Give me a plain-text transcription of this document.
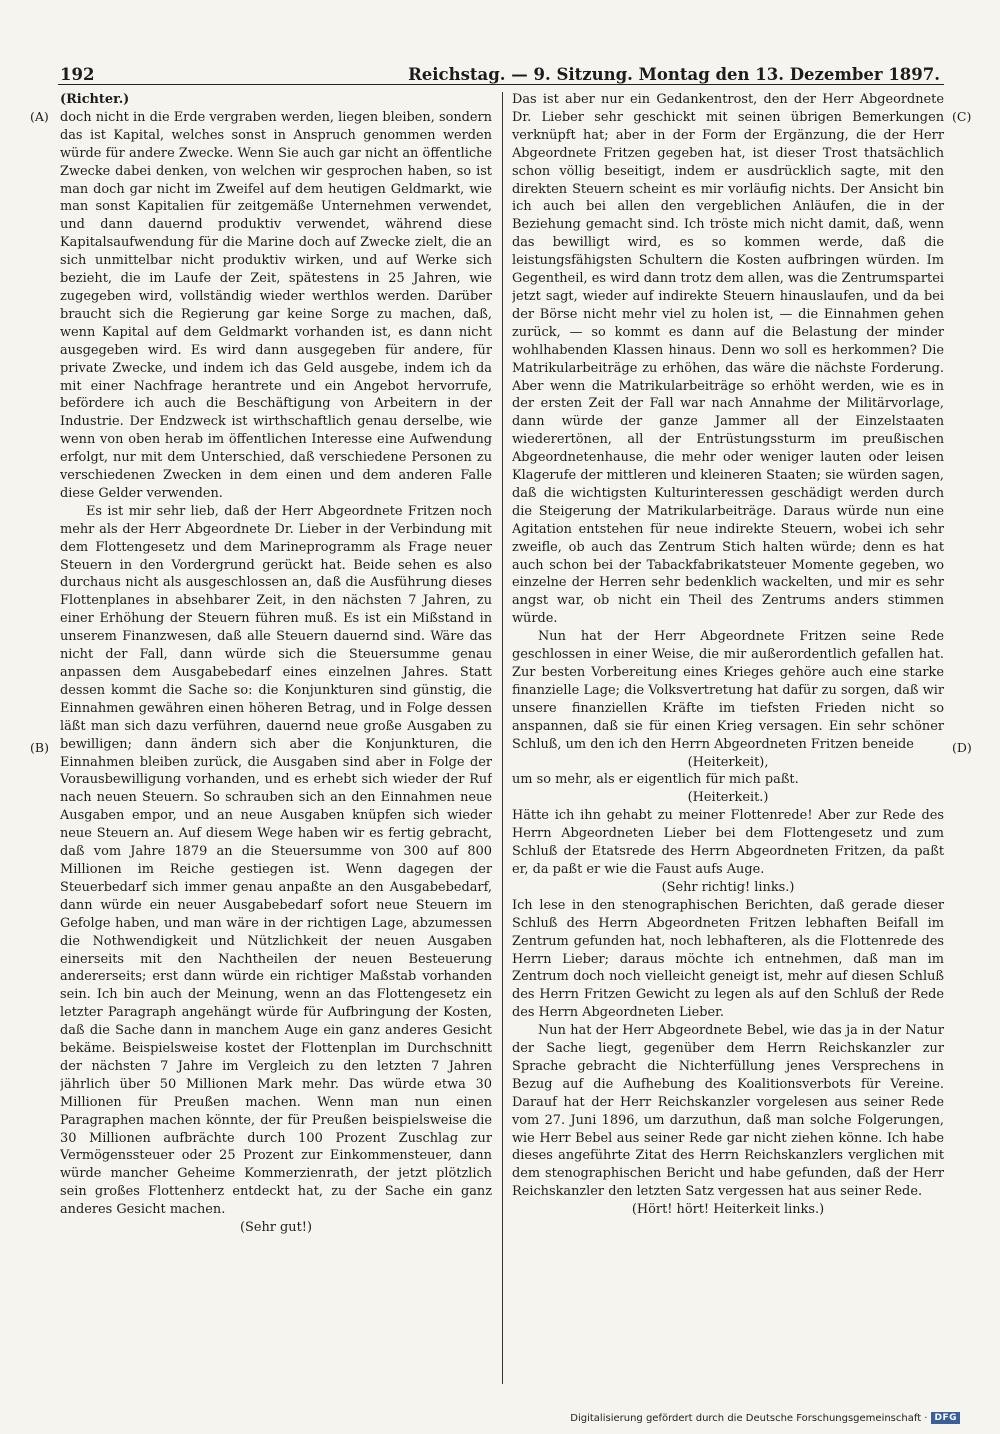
192	Reichstag. — 9. Sitzung. Montag den 13. Dezember 1897.
(A)
(B)
(C)
(D)

(Richter.)

doch nicht in die Erde vergraben werden, liegen bleiben, sondern das ist Kapital, welches sonst in Anspruch genommen werden würde für andere Zwecke. Wenn Sie auch gar nicht an öffentliche Zwecke dabei denken, von welchen wir gesprochen haben, so ist man doch gar nicht im Zweifel auf dem heutigen Geldmarkt, wie man sonst Kapitalien für zeitgemäße Unternehmen verwendet, und dann dauernd produktiv verwendet, während diese Kapitalsaufwendung für die Marine doch auf Zwecke zielt, die an sich unmittelbar nicht produktiv wirken, und auf Werke sich bezieht, die im Laufe der Zeit, spätestens in 25 Jahren, wie zugegeben wird, vollständig wieder werthlos werden. Darüber braucht sich die Regierung gar keine Sorge zu machen, daß, wenn Kapital auf dem Geldmarkt vorhanden ist, es dann nicht ausgegeben wird. Es wird dann ausgegeben für andere, für private Zwecke, und indem ich das Geld ausgebe, indem ich da mit einer Nachfrage herantrete und ein Angebot hervorrufe, befördere ich auch die Beschäftigung von Arbeitern in der Industrie. Der Endzweck ist wirthschaftlich genau derselbe, wie wenn von oben herab im öffentlichen Interesse eine Aufwendung erfolgt, nur mit dem Unterschied, daß verschiedene Personen zu verschiedenen Zwecken in dem einen und dem anderen Falle diese Gelder verwenden.

Es ist mir sehr lieb, daß der Herr Abgeordnete Fritzen noch mehr als der Herr Abgeordnete Dr. Lieber in der Verbindung mit dem Flottengesetz und dem Marineprogramm als Frage neuer Steuern in den Vordergrund gerückt hat. Beide sehen es also durchaus nicht als ausgeschlossen an, daß die Ausführung dieses Flottenplanes in absehbarer Zeit, in den nächsten 7 Jahren, zu einer Erhöhung der Steuern führen muß. Es ist ein Mißstand in unserem Finanzwesen, daß alle Steuern dauernd sind. Wäre das nicht der Fall, dann würde sich die Steuersumme genau anpassen dem Ausgabebedarf eines einzelnen Jahres. Statt dessen kommt die Sache so: die Konjunkturen sind günstig, die Einnahmen gewähren einen höheren Betrag, und in Folge dessen läßt man sich dazu verführen, dauernd neue große Ausgaben zu bewilligen; dann ändern sich aber die Konjunkturen, die Einnahmen bleiben zurück, die Ausgaben sind aber in Folge der Vorausbewilligung vorhanden, und es erhebt sich wieder der Ruf nach neuen Steuern. So schrauben sich an den Einnahmen neue Ausgaben empor, und an neue Ausgaben knüpfen sich wieder neue Steuern an. Auf diesem Wege haben wir es fertig gebracht, daß vom Jahre 1879 an die Steuersumme von 300 auf 800 Millionen im Reiche gestiegen ist. Wenn dagegen der Steuerbedarf sich immer genau anpaßte an den Ausgabebedarf, dann würde ein neuer Ausgabebedarf sofort neue Steuern im Gefolge haben, und man wäre in der richtigen Lage, abzumessen die Nothwendigkeit und Nützlichkeit der neuen Ausgaben einerseits mit den Nachtheilen der neuen Besteuerung andererseits; erst dann würde ein richtiger Maßstab vorhanden sein. Ich bin auch der Meinung, wenn an das Flottengesetz ein letzter Paragraph angehängt würde für Aufbringung der Kosten, daß die Sache dann in manchem Auge ein ganz anderes Gesicht bekäme. Beispielsweise kostet der Flottenplan im Durchschnitt der nächsten 7 Jahre im Vergleich zu den letzten 7 Jahren jährlich über 50 Millionen Mark mehr. Das würde etwa 30 Millionen für Preußen machen. Wenn man nun einen Paragraphen machen könnte, der für Preußen beispielsweise die 30 Millionen aufbrächte durch 100 Prozent Zuschlag zur Vermögenssteuer oder 25 Prozent zur Einkommensteuer, dann würde mancher Geheime Kommerzienrath, der jetzt plötzlich sein großes Flottenherz entdeckt hat, zu der Sache ein ganz anderes Gesicht machen.

(Sehr gut!)

Das ist aber nur ein Gedankentrost, den der Herr Abgeordnete Dr. Lieber sehr geschickt mit seinen übrigen Bemerkungen verknüpft hat; aber in der Form der Ergänzung, die der Herr Abgeordnete Fritzen gegeben hat, ist dieser Trost thatsächlich schon völlig beseitigt, indem er ausdrücklich sagte, mit den direkten Steuern scheint es mir vorläufig nichts. Der Ansicht bin ich auch bei allen den vergeblichen Anläufen, die in der Beziehung gemacht sind. Ich tröste mich nicht damit, daß, wenn das bewilligt wird, es so kommen werde, daß die leistungsfähigsten Schultern die Kosten aufbringen würden. Im Gegentheil, es wird dann trotz dem allen, was die Zentrumspartei jetzt sagt, wieder auf indirekte Steuern hinauslaufen, und da bei der Börse nicht mehr viel zu holen ist, — die Einnahmen gehen zurück, — so kommt es dann auf die Belastung der minder wohlhabenden Klassen hinaus. Denn wo soll es herkommen? Die Matrikularbeiträge zu erhöhen, das wäre die nächste Forderung. Aber wenn die Matrikularbeiträge so erhöht werden, wie es in der ersten Zeit der Fall war nach Annahme der Militärvorlage, dann würde der ganze Jammer all der Einzelstaaten wiederertönen, all der Entrüstungssturm im preußischen Abgeordnetenhause, die mehr oder weniger lauten oder leisen Klagerufe der mittleren und kleineren Staaten; sie würden sagen, daß die wichtigsten Kulturinteressen geschädigt werden durch die Steigerung der Matrikularbeiträge. Daraus würde nun eine Agitation entstehen für neue indirekte Steuern, wobei ich sehr zweifle, ob auch das Zentrum Stich halten würde; denn es hat auch schon bei der Tabackfabrikatsteuer Momente gegeben, wo einzelne der Herren sehr bedenklich wackelten, und mir es sehr angst war, ob nicht ein Theil des Zentrums anders stimmen würde.

Nun hat der Herr Abgeordnete Fritzen seine Rede geschlossen in einer Weise, die mir außerordentlich gefallen hat. Zur besten Vorbereitung eines Krieges gehöre auch eine starke finanzielle Lage; die Volksvertretung hat dafür zu sorgen, daß wir unsere finanziellen Kräfte im tiefsten Frieden nicht so anspannen, daß sie für einen Krieg versagen. Ein sehr schöner Schluß, um den ich den Herrn Abgeordneten Fritzen beneide

(Heiterkeit),

um so mehr, als er eigentlich für mich paßt.

(Heiterkeit.)

Hätte ich ihn gehabt zu meiner Flottenrede! Aber zur Rede des Herrn Abgeordneten Lieber bei dem Flottengesetz und zum Schluß der Etatsrede des Herrn Abgeordneten Fritzen, da paßt er, da paßt er wie die Faust aufs Auge.

(Sehr richtig! links.)

Ich lese in den stenographischen Berichten, daß gerade dieser Schluß des Herrn Abgeordneten Fritzen lebhaften Beifall im Zentrum gefunden hat, noch lebhafteren, als die Flottenrede des Herrn Lieber; daraus möchte ich entnehmen, daß man im Zentrum doch noch vielleicht geneigt ist, mehr auf diesen Schluß des Herrn Fritzen Gewicht zu legen als auf den Schluß der Rede des Herrn Abgeordneten Lieber.

Nun hat der Herr Abgeordnete Bebel, wie das ja in der Natur der Sache liegt, gegenüber dem Herrn Reichskanzler zur Sprache gebracht die Nichterfüllung jenes Versprechens in Bezug auf die Aufhebung des Koalitionsverbots für Vereine. Darauf hat der Herr Reichskanzler vorgelesen aus seiner Rede vom 27. Juni 1896, um darzuthun, daß man solche Folgerungen, wie Herr Bebel aus seiner Rede gar nicht ziehen könne. Ich habe dieses angeführte Zitat des Herrn Reichskanzlers verglichen mit dem stenographischen Bericht und habe gefunden, daß der Herr Reichskanzler den letzten Satz vergessen hat aus seiner Rede.

(Hört! hört! Heiterkeit links.)

Digitalisierung gefördert durch die Deutsche Forschungsgemeinschaft · DFG
